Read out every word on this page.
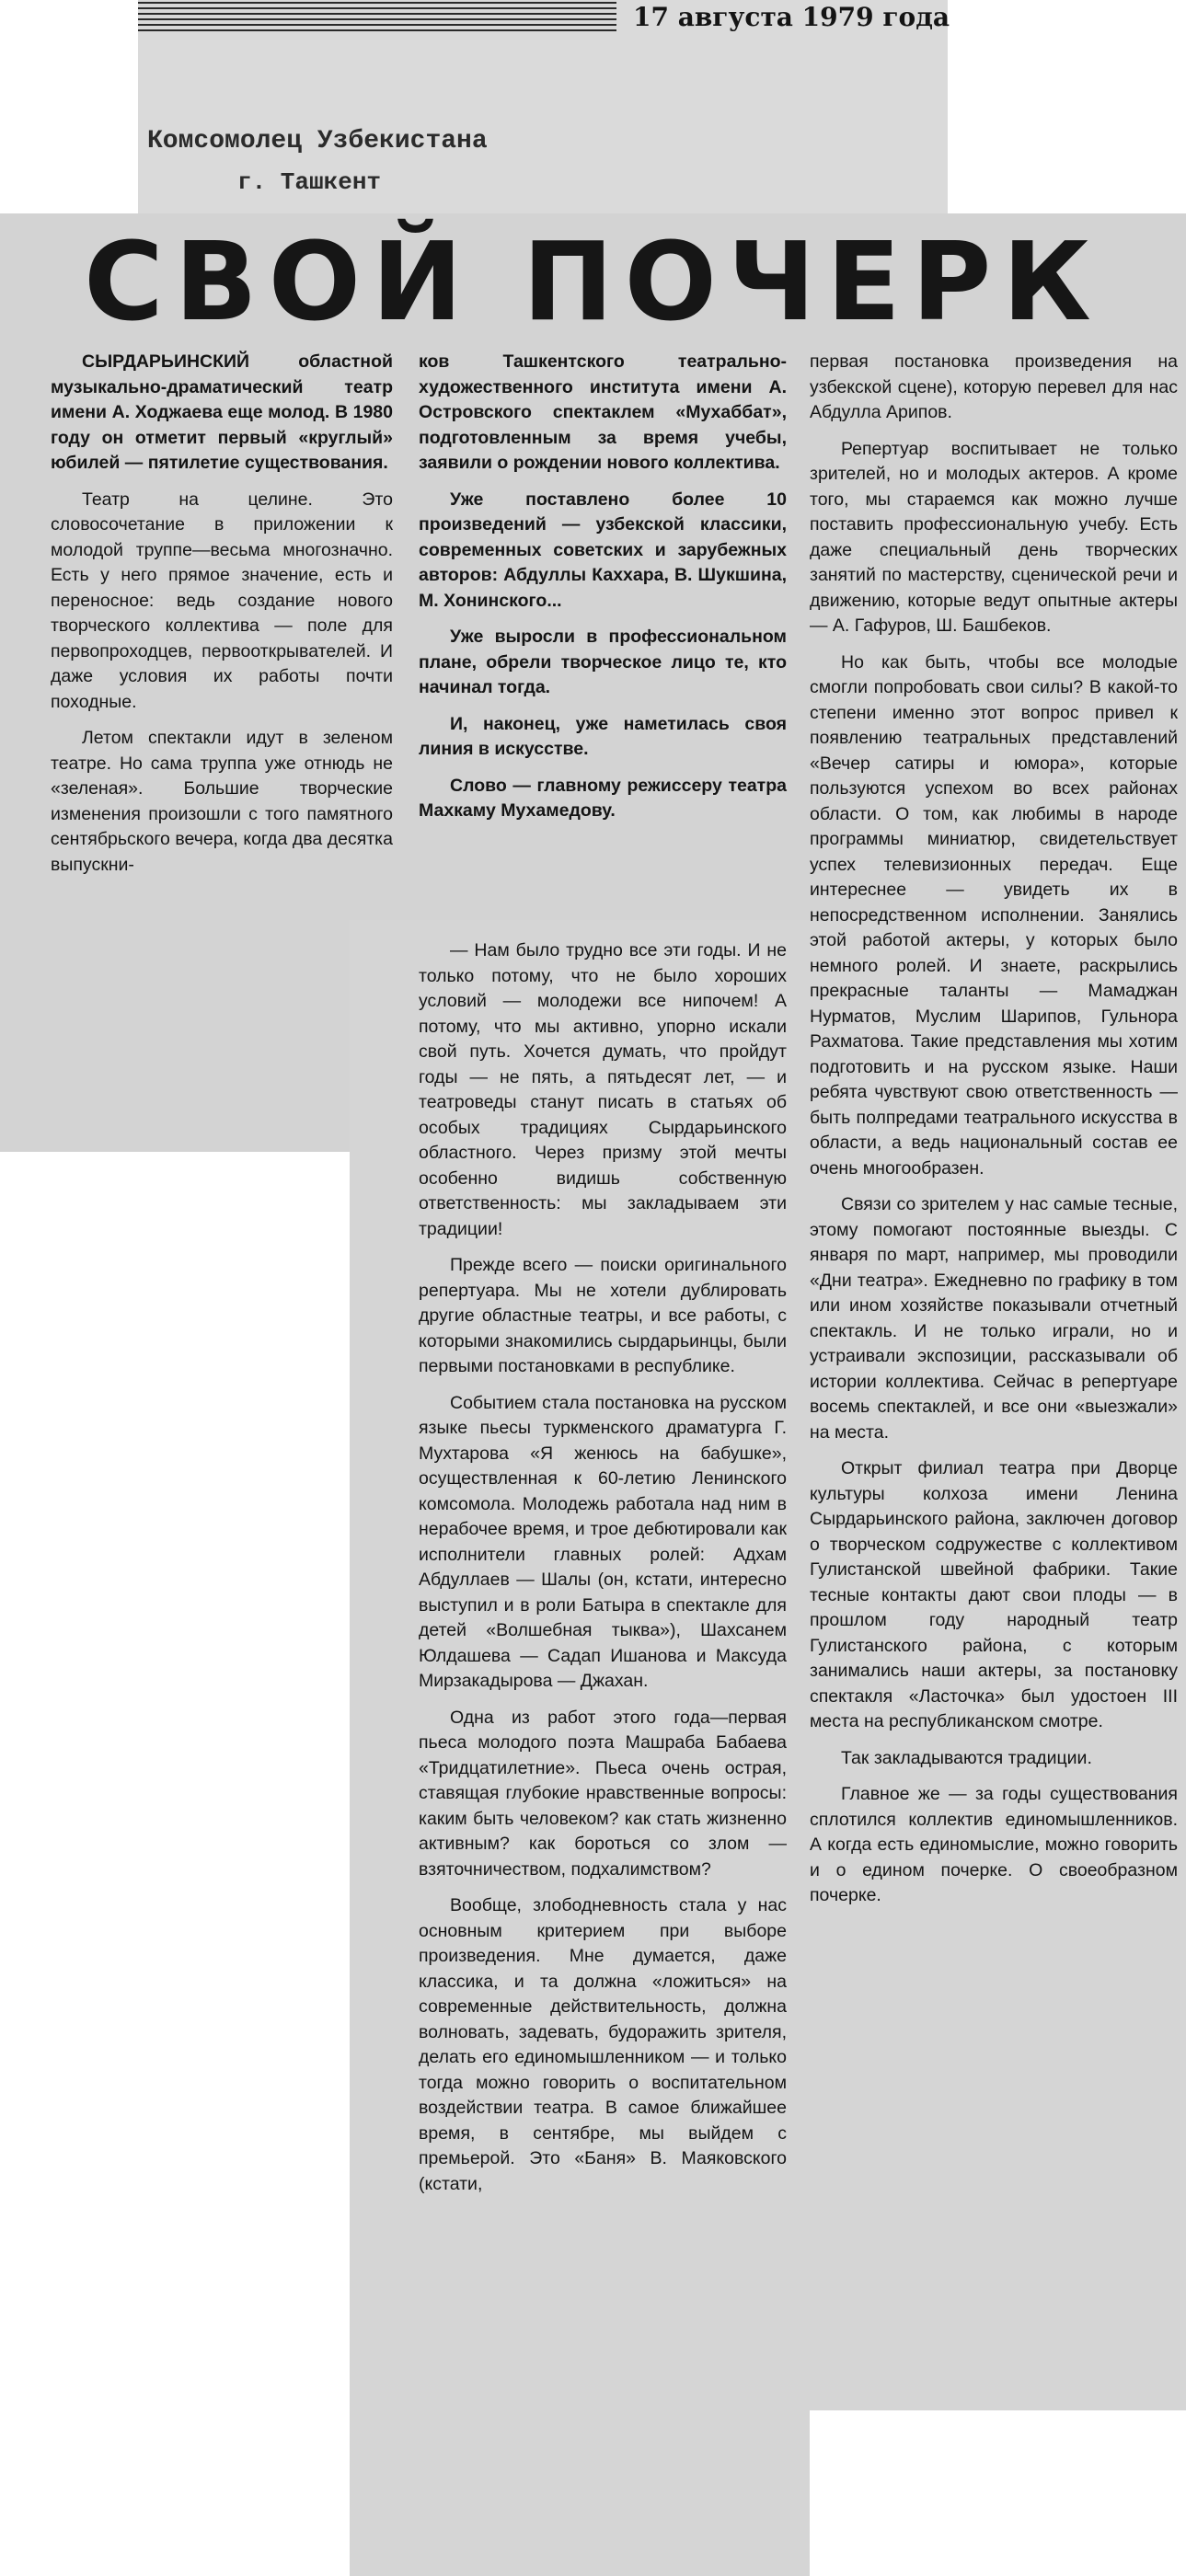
17 августа 1979 года
Комсомолец Узбекистана
г. Ташкент
СВОЙ ПОЧЕРК

СЫРДАРЬИНСКИЙ областной музыкально-драматический театр имени А. Ходжаева еще молод. В 1980 году он отметит первый «круглый» юбилей — пятилетие существования.

Театр на целине. Это словосочетание в приложении к молодой труппе—весьма многозначно. Есть у него прямое значение, есть и переносное: ведь создание нового творческого коллектива — поле для первопроходцев, первооткрывателей. И даже условия их работы почти походные.

Летом спектакли идут в зеленом театре. Но сама труппа уже отнюдь не «зеленая». Большие творческие изменения произошли с того памятного сентябрьского вечера, когда два десятка выпускни-

ков Ташкентского театрально-художественного института имени А. Островского спектаклем «Мухаббат», подготовленным за время учебы, заявили о рождении нового коллектива.

Уже поставлено более 10 произведений — узбекской классики, современных советских и зарубежных авторов: Абдуллы Каххара, В. Шукшина, М. Хонинского...

Уже выросли в профессиональном плане, обрели творческое лицо те, кто начинал тогда.

И, наконец, уже наметилась своя линия в искусстве.

Слово — главному режиссеру театра Махкаму Мухамедову.

— Нам было трудно все эти годы. И не только потому, что не было хороших условий — молодежи все нипочем! А потому, что мы активно, упорно искали свой путь. Хочется думать, что пройдут годы — не пять, а пятьдесят лет, — и театроведы станут писать в статьях об особых традициях Сырдарьинского областного. Через призму этой мечты особенно видишь собственную ответственность: мы закладываем эти традиции!

Прежде всего — поиски оригинального репертуара. Мы не хотели дублировать другие областные театры, и все работы, с которыми знакомились сырдарьинцы, были первыми постановками в республике.

Событием стала постановка на русском языке пьесы туркменского драматурга Г. Мухтарова «Я женюсь на бабушке», осуществленная к 60-летию Ленинского комсомола. Молодежь работала над ним в нерабочее время, и трое дебютировали как исполнители главных ролей: Адхам Абдуллаев — Шалы (он, кстати, интересно выступил и в роли Батыра в спектакле для детей «Волшебная тыква»), Шахсанем Юлдашева — Садап Ишанова и Максуда Мирзакадырова — Джахан.

Одна из работ этого года—первая пьеса молодого поэта Машраба Бабаева «Тридцатилетние». Пьеса очень острая, ставящая глубокие нравственные вопросы: каким быть человеком? как стать жизненно активным? как бороться со злом — взяточничеством, подхалимством?

Вообще, злободневность стала у нас основным критерием при выборе произведения. Мне думается, даже классика, и та должна «ложиться» на современные действительность, должна волновать, задевать, будоражить зрителя, делать его единомышленником — и только тогда можно говорить о воспитательном воздействии театра. В самое ближайшее время, в сентябре, мы выйдем с премьерой. Это «Баня» В. Маяковского (кстати,

первая постановка произведения на узбекской сцене), которую перевел для нас Абдулла Арипов.

Репертуар воспитывает не только зрителей, но и молодых актеров. А кроме того, мы стараемся как можно лучше поставить профессиональную учебу. Есть даже специальный день творческих занятий по мастерству, сценической речи и движению, которые ведут опытные актеры — А. Гафуров, Ш. Башбеков.

Но как быть, чтобы все молодые смогли попробовать свои силы? В какой-то степени именно этот вопрос привел к появлению театральных представлений «Вечер сатиры и юмора», которые пользуются успехом во всех районах области. О том, как любимы в народе программы миниатюр, свидетельствует успех телевизионных передач. Еще интереснее — увидеть их в непосредственном исполнении. Занялись этой работой актеры, у которых было немного ролей. И знаете, раскрылись прекрасные таланты — Мамаджан Нурматов, Муслим Шарипов, Гульнора Рахматова. Такие представления мы хотим подготовить и на русском языке. Наши ребята чувствуют свою ответственность — быть полпредами театрального искусства в области, а ведь национальный состав ее очень многообразен.

Связи со зрителем у нас самые тесные, этому помогают постоянные выезды. С января по март, например, мы проводили «Дни театра». Ежедневно по графику в том или ином хозяйстве показывали отчетный спектакль. И не только играли, но и устраивали экспозиции, рассказывали об истории коллектива. Сейчас в репертуаре восемь спектаклей, и все они «выезжали» на места.

Открыт филиал театра при Дворце культуры колхоза имени Ленина Сырдарьинского района, заключен договор о творческом содружестве с коллективом Гулистанской швейной фабрики. Такие тесные контакты дают свои плоды — в прошлом году народный театр Гулистанского района, с которым занимались наши актеры, за постановку спектакля «Ласточка» был удостоен III места на республиканском смотре.

Так закладываются традиции.

Главное же — за годы существования сплотился коллектив единомышленников. А когда есть единомыслие, можно говорить и о едином почерке. О своеобразном почерке.
